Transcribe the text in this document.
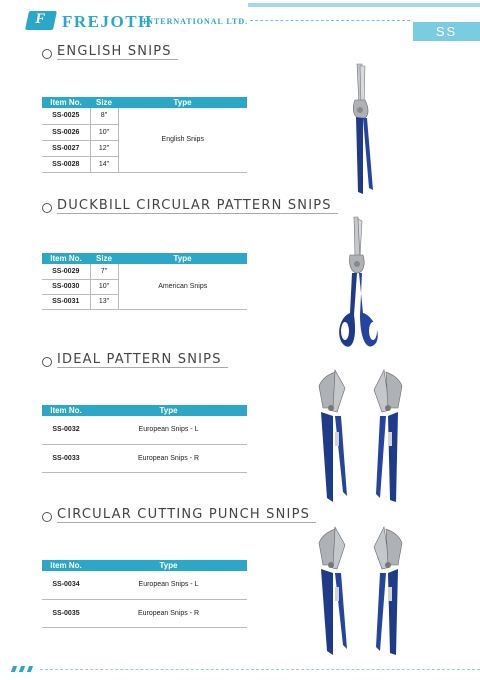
F FREJOTH
INTERNATIONAL LTD.
SS
ENGLISH SNIPS
Item No.	Size	Type
SS-0025	8"	English Snips
SS-0026	10"	
SS-0027	12"	
SS-0028	14"	
DUCKBILL CIRCULAR PATTERN SNIPS
Item No.	Size	Type
SS-0029	7"	American Snips
SS-0030	10"	
SS-0031	13"	
IDEAL PATTERN SNIPS
Item No.	Type
SS-0032	European Snips - L
SS-0033	European Snips - R
CIRCULAR CUTTING PUNCH SNIPS
Item No.	Type
SS-0034	European Snips - L
SS-0035	European Snips - R
